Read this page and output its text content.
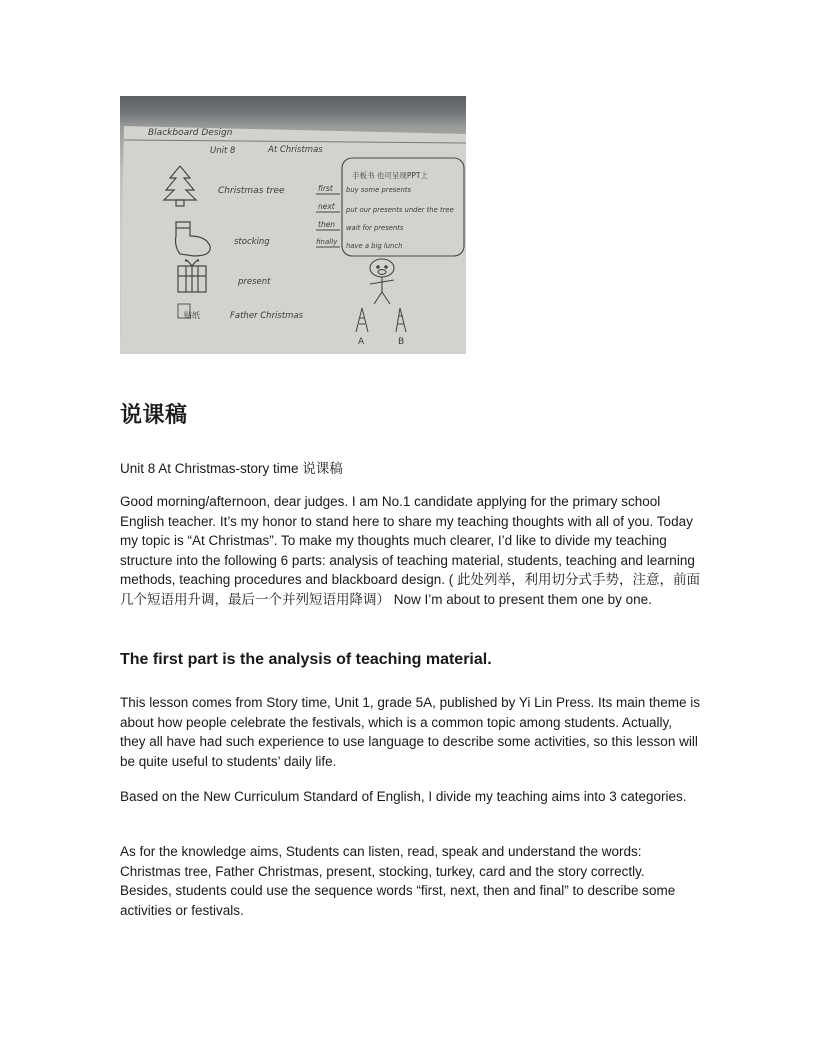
Blackboard Design
Unit 8	At Christmas
Christmas tree
stocking
present
贴纸	Father Christmas
first
next
then
finally
手板书 也可呈现PPT上
buy some presents
put our presents under the tree
wait for presents
have a big lunch
A	B
说课稿

Unit 8 At Christmas-story time 说课稿

Good morning/afternoon, dear judges. I am No.1 candidate applying for the primary school English teacher. It’s my honor to stand here to share my teaching thoughts with all of you. Today my topic is “At Christmas”. To make my thoughts much clearer, I’d like to divide my teaching structure into the following 6 parts: analysis of teaching material, students, teaching and learning methods, teaching procedures and blackboard design. ( 此处列举，利用切分式手势，注意，前面几个短语用升调，最后一个并列短语用降调） Now I’m about to present them one by one.

The first part is the analysis of teaching material.

This lesson comes from Story time, Unit 1, grade 5A, published by Yi Lin Press. Its main theme is about how people celebrate the festivals, which is a common topic among students. Actually, they all have had such experience to use language to describe some activities, so this lesson will be quite useful to students’ daily life.

Based on the New Curriculum Standard of English, I divide my teaching aims into 3 categories.

As for the knowledge aims, Students can listen, read, speak and understand the words: Christmas tree, Father Christmas, present, stocking, turkey, card and the story correctly. Besides, students could use the sequence words “first, next, then and final” to describe some activities or festivals.
